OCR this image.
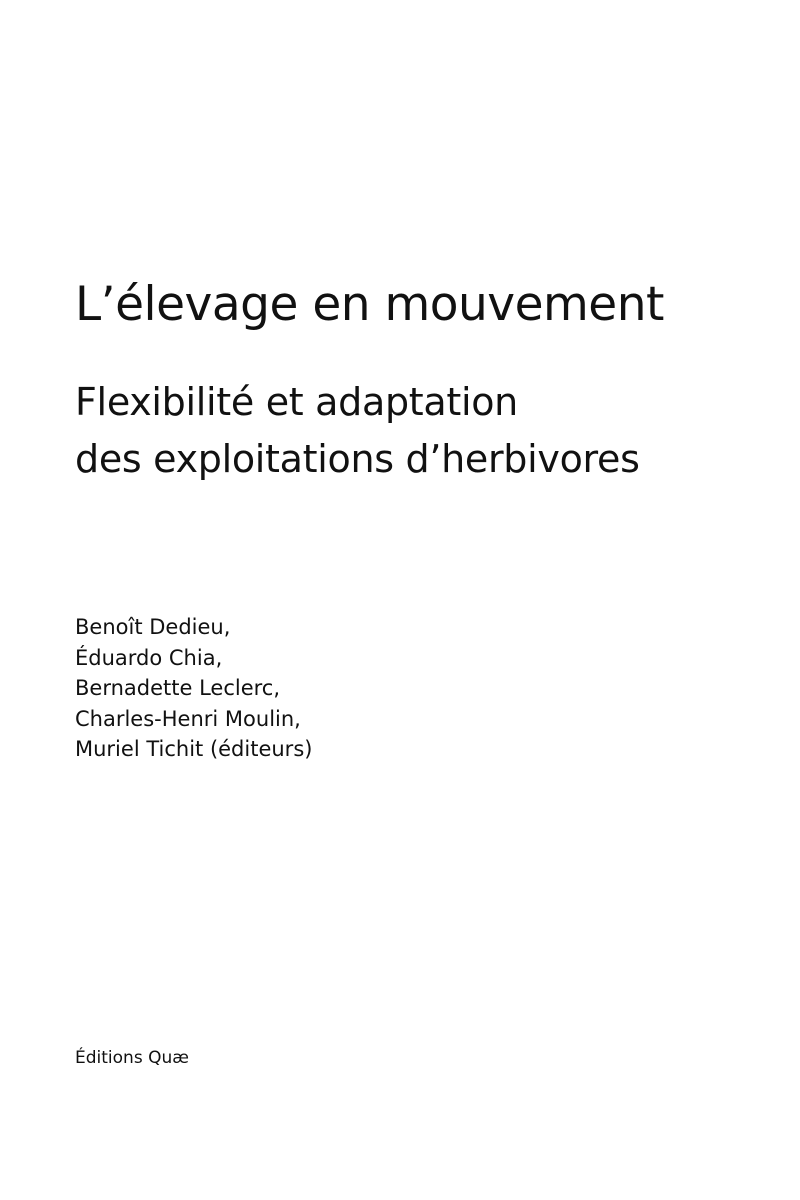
L’élevage en mouvement
Flexibilité et adaptation
des exploitations d’herbivores
Benoît Dedieu,
Éduardo Chia,
Bernadette Leclerc,
Charles-Henri Moulin,
Muriel Tichit (éditeurs)

Éditions Quæ
